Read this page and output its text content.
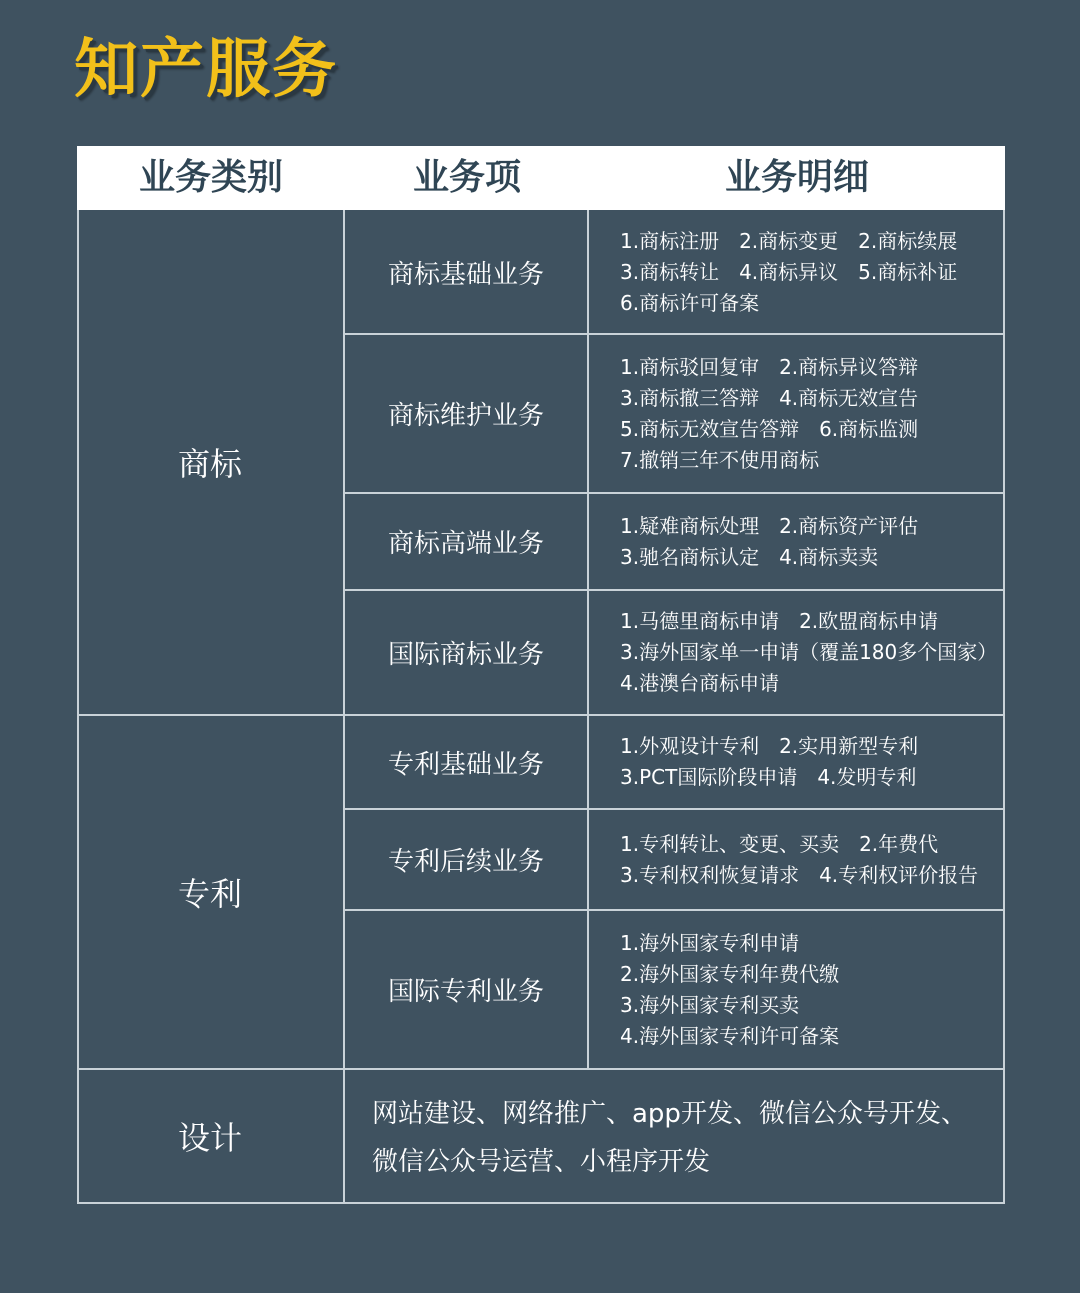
知产服务
业务类别	业务项	业务明细
商标
商标基础业务
1.商标注册　2.商标变更　2.商标续展
3.商标转让　4.商标异议　5.商标补证
6.商标许可备案
商标维护业务
1.商标驳回复审　2.商标异议答辩
3.商标撤三答辩　4.商标无效宣告
5.商标无效宣告答辩　6.商标监测
7.撤销三年不使用商标
商标高端业务
1.疑难商标处理　2.商标资产评估
3.驰名商标认定　4.商标卖卖
国际商标业务
1.马德里商标申请　2.欧盟商标申请
3.海外国家单一申请（覆盖180多个国家）
4.港澳台商标申请
专利
专利基础业务
1.外观设计专利　2.实用新型专利
3.PCT国际阶段申请　4.发明专利
专利后续业务
1.专利转让、变更、买卖　2.年费代
3.专利权利恢复请求　4.专利权评价报告
国际专利业务
1.海外国家专利申请
2.海外国家专利年费代缴
3.海外国家专利买卖
4.海外国家专利许可备案
设计
网站建设、网络推广、app开发、微信公众号开发、
微信公众号运营、小程序开发
